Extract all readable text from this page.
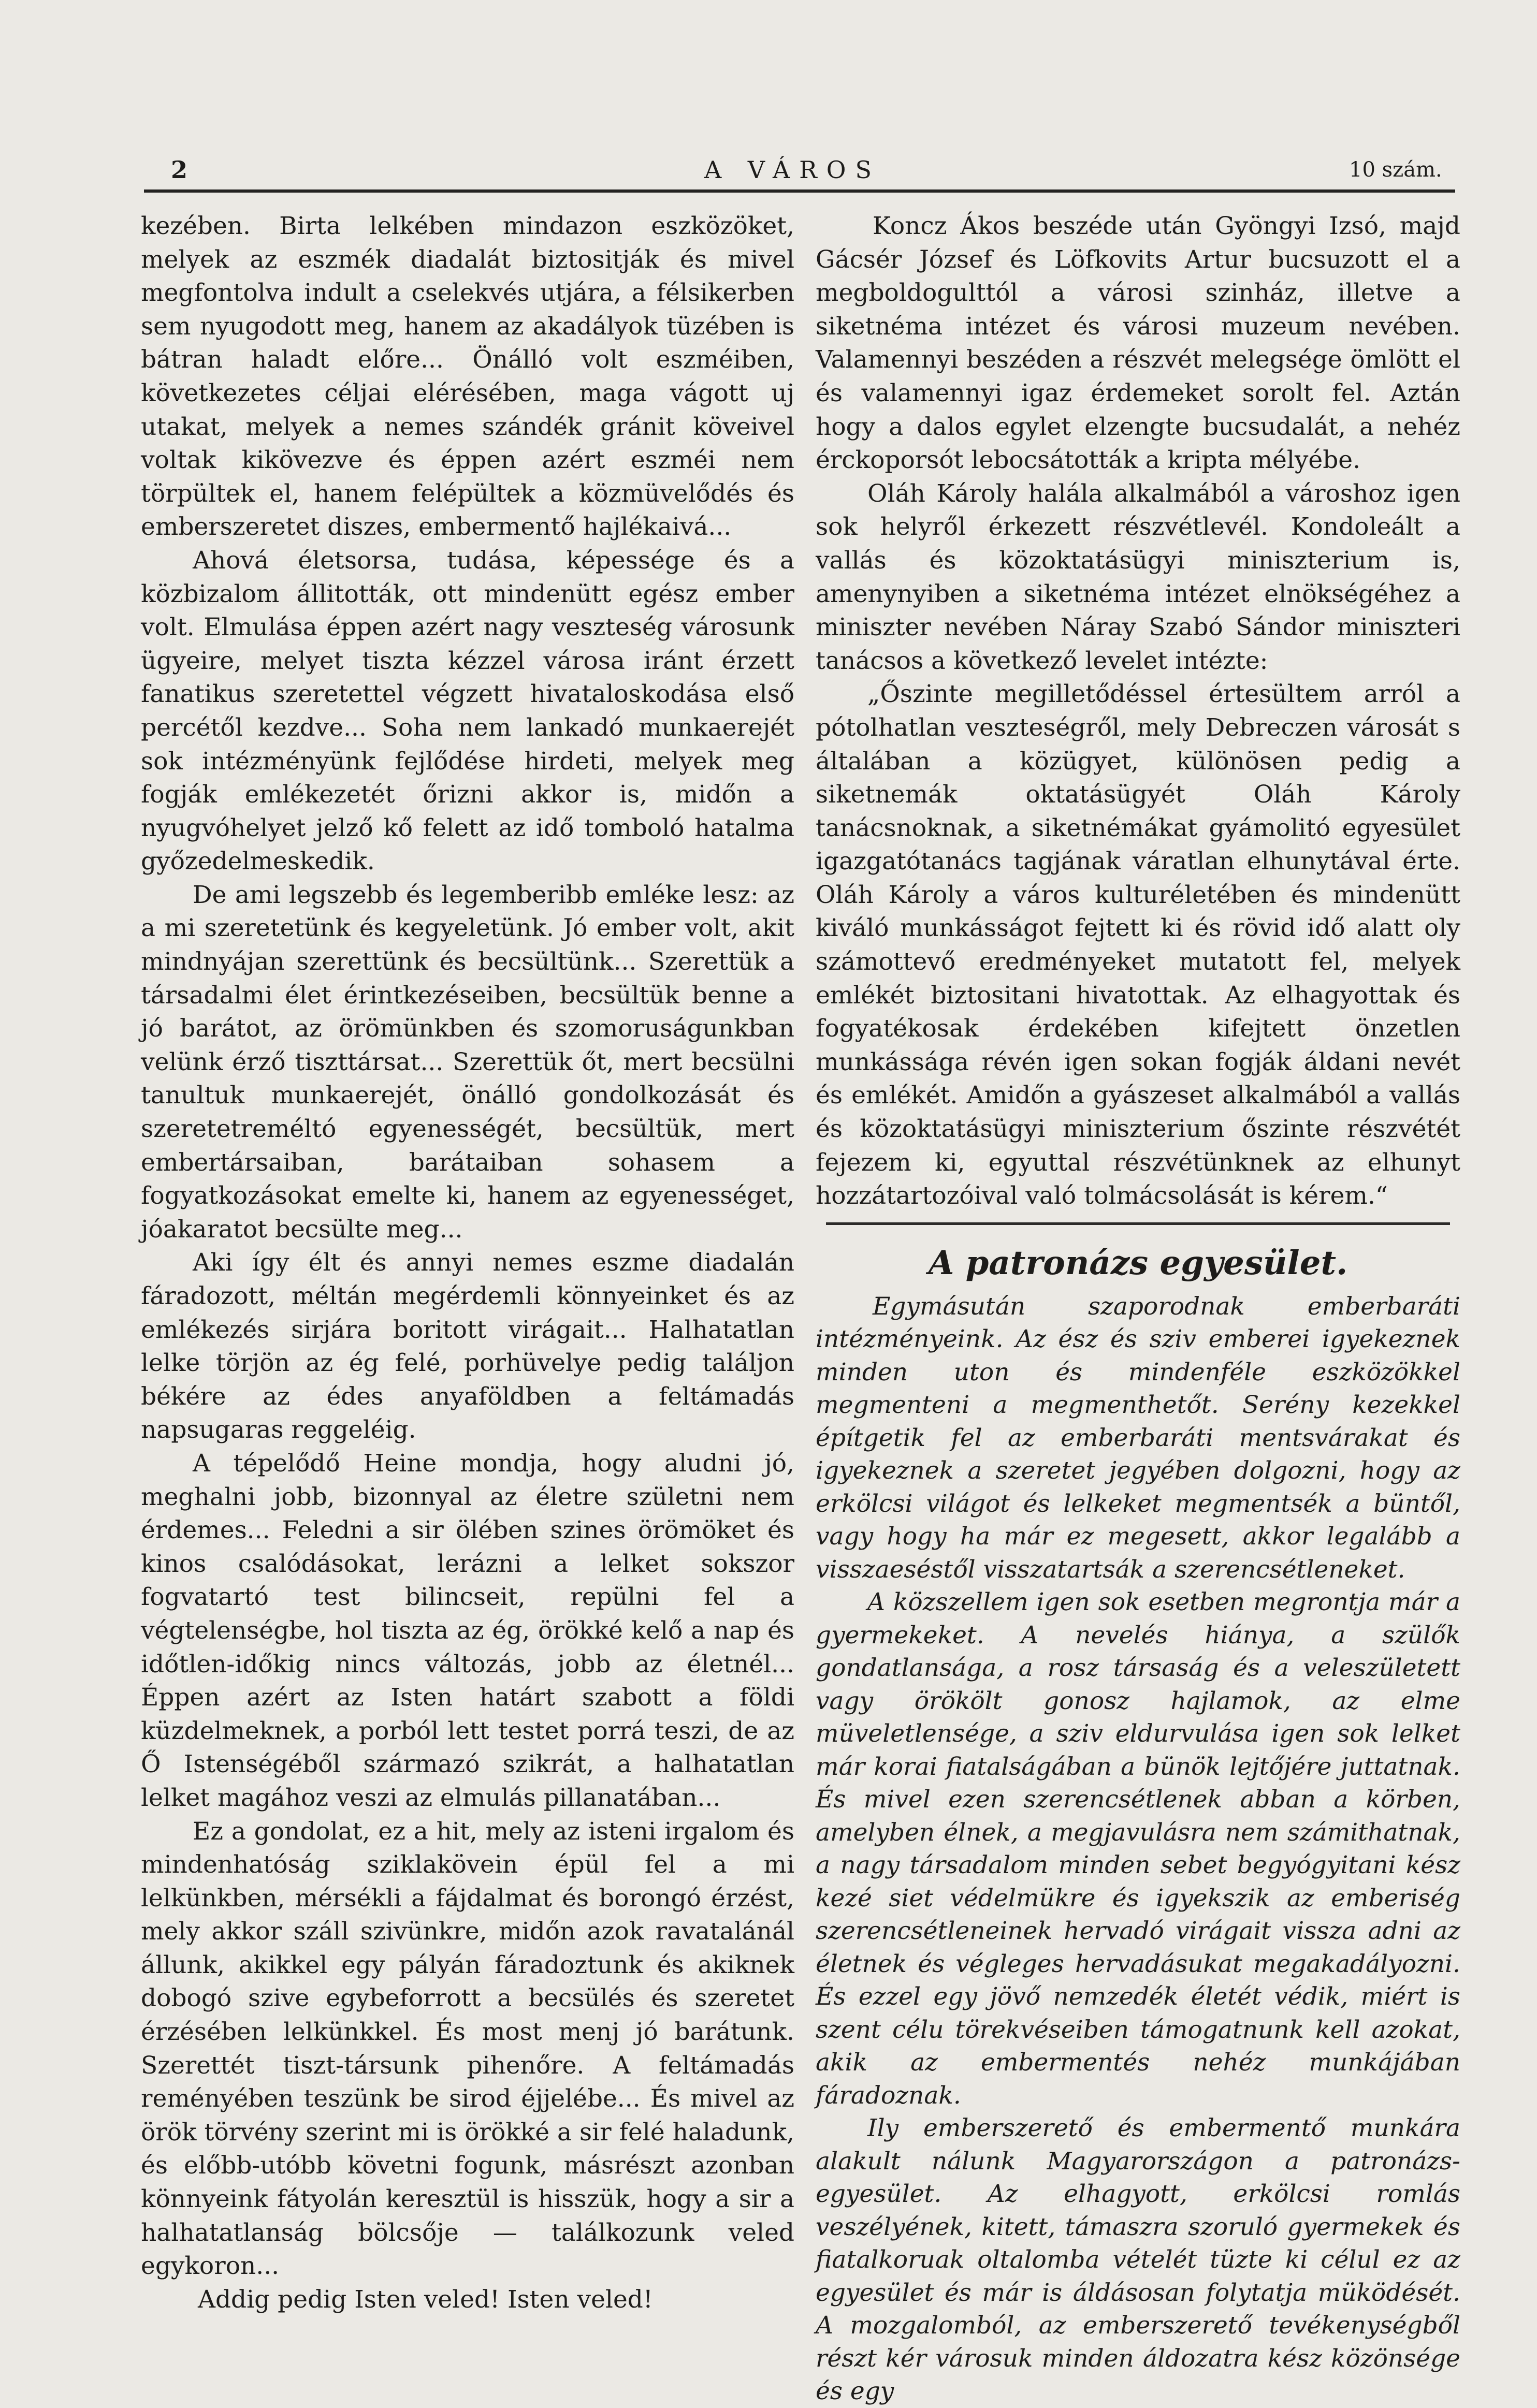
2	A VÁROS	10 szám.

kezében. Birta lelkében mindazon eszközöket, melyek az eszmék diadalát biztositják és mivel megfontolva indult a cselekvés utjára, a félsikerben sem nyugodott meg, hanem az akadályok tüzében is bátran haladt előre... Önálló volt eszméiben, következetes céljai elérésében, maga vágott uj utakat, melyek a nemes szándék gránit köveivel voltak kikövezve és éppen azért eszméi nem törpültek el, hanem felépültek a közmüvelődés és emberszeretet diszes, embermentő hajlékaivá...

Ahová életsorsa, tudása, képessége és a közbizalom állitották, ott mindenütt egész ember volt. Elmulása éppen azért nagy veszteség városunk ügyeire, melyet tiszta kézzel városa iránt érzett fanatikus szeretettel végzett hivataloskodása első percétől kezdve... Soha nem lankadó munkaerejét sok intézményünk fejlődése hirdeti, melyek meg fogják emlékezetét őrizni akkor is, midőn a nyugvóhelyet jelző kő felett az idő tomboló hatalma győzedelmeskedik.

De ami legszebb és legemberibb emléke lesz: az a mi szeretetünk és kegyeletünk. Jó ember volt, akit mindnyájan szerettünk és becsültünk... Szerettük a társadalmi élet érintkezéseiben, becsültük benne a jó barátot, az örömünkben és szomoruságunkban velünk érző tiszttársat... Szerettük őt, mert becsülni tanultuk munkaerejét, önálló gondolkozását és szeretetreméltó egyenességét, becsültük, mert embertársaiban, barátaiban sohasem a fogyatkozásokat emelte ki, hanem az egyenességet, jóakaratot becsülte meg...

Aki így élt és annyi nemes eszme diadalán fáradozott, méltán megérdemli könnyeinket és az emlékezés sirjára boritott virágait... Halhatatlan lelke törjön az ég felé, porhüvelye pedig találjon békére az édes anyaföldben a feltámadás napsugaras reggeléig.

A tépelődő Heine mondja, hogy aludni jó, meghalni jobb, bizonnyal az életre születni nem érdemes... Feledni a sir ölében szines örömöket és kinos csalódásokat, lerázni a lelket sokszor fogvatartó test bilincseit, repülni fel a végtelenségbe, hol tiszta az ég, örökké kelő a nap és időtlen-időkig nincs változás, jobb az életnél... Éppen azért az Isten határt szabott a földi küzdelmeknek, a porból lett testet porrá teszi, de az Ő Istenségéből származó szikrát, a halhatatlan lelket magához veszi az elmulás pillanatában...

Ez a gondolat, ez a hit, mely az isteni irgalom és mindenhatóság sziklakövein épül fel a mi lelkünkben, mérsékli a fájdalmat és borongó érzést, mely akkor száll szivünkre, midőn azok ravatalánál állunk, akikkel egy pályán fáradoztunk és akiknek dobogó szive egybeforrott a becsülés és szeretet érzésében lelkünkkel. És most menj jó barátunk. Szerettét tiszt-társunk pihenőre. A feltámadás reményében teszünk be sirod éjjelébe... És mivel az örök törvény szerint mi is örökké a sir felé haladunk, és előbb-utóbb követni fogunk, másrészt azonban könnyeink fátyolán keresztül is hisszük, hogy a sir a halhatatlanság bölcsője — találkozunk veled egykoron...

Addig pedig Isten veled! Isten veled!

Koncz Ákos beszéde után Gyöngyi Izsó, majd Gácsér József és Löfkovits Artur bucsuzott el a megboldogulttól a városi szinház, illetve a siketnéma intézet és városi muzeum nevében. Valamennyi beszéden a részvét melegsége ömlött el és valamennyi igaz érdemeket sorolt fel. Aztán hogy a dalos egylet elzengte bucsudalát, a nehéz érckoporsót lebocsátották a kripta mélyébe.

Oláh Károly halála alkalmából a városhoz igen sok helyről érkezett részvétlevél. Kondoleált a vallás és közoktatásügyi miniszterium is, amenynyiben a siketnéma intézet elnökségéhez a miniszter nevében Náray Szabó Sándor miniszteri tanácsos a következő levelet intézte:

„Őszinte megilletődéssel értesültem arról a pótolhatlan veszteségről, mely Debreczen városát s általában a közügyet, különösen pedig a siketnemák oktatásügyét Oláh Károly tanácsnoknak, a siketnémákat gyámolitó egyesület igazgatótanács tagjának váratlan elhunytával érte. Oláh Károly a város kulturéletében és mindenütt kiváló munkásságot fejtett ki és rövid idő alatt oly számottevő eredményeket mutatott fel, melyek emlékét biztositani hivatottak. Az elhagyottak és fogyatékosak érdekében kifejtett önzetlen munkássága révén igen sokan fogják áldani nevét és emlékét. Amidőn a gyászeset alkalmából a vallás és közoktatásügyi miniszterium őszinte részvétét fejezem ki, egyuttal részvétünknek az elhunyt hozzátartozóival való tolmácsolását is kérem.“

A patronázs egyesület.

Egymásután szaporodnak emberbaráti intézményeink. Az ész és sziv emberei igyekeznek minden uton és mindenféle eszközökkel megmenteni a megmenthetőt. Serény kezekkel építgetik fel az emberbaráti mentsvárakat és igyekeznek a szeretet jegyében dolgozni, hogy az erkölcsi világot és lelkeket megmentsék a büntől, vagy hogy ha már ez megesett, akkor legalább a visszaeséstől visszatartsák a szerencsétleneket.

A közszellem igen sok esetben megrontja már a gyermekeket. A nevelés hiánya, a szülők gondatlansága, a rosz társaság és a veleszületett vagy örökölt gonosz hajlamok, az elme müveletlensége, a sziv eldurvulása igen sok lelket már korai fiatalságában a bünök lejtőjére juttatnak. És mivel ezen szerencsétlenek abban a körben, amelyben élnek, a megjavulásra nem számithatnak, a nagy társadalom minden sebet begyógyitani kész kezé siet védelmükre és igyekszik az emberiség szerencsétleneinek hervadó virágait vissza adni az életnek és végleges hervadásukat megakadályozni. És ezzel egy jövő nemzedék életét védik, miért is szent célu törekvéseiben támogatnunk kell azokat, akik az embermentés nehéz munkájában fáradoznak.

Ily emberszerető és embermentő munkára alakult nálunk Magyarországon a patronázs-egyesület. Az elhagyott, erkölcsi romlás veszélyének, kitett, támaszra szoruló gyermekek és fiatalkoruak oltalomba vételét tüzte ki célul ez az egyesület és már is áldásosan folytatja müködését. A mozgalomból, az emberszerető tevékenységből részt kér városuk minden áldozatra kész közönsége és egy
